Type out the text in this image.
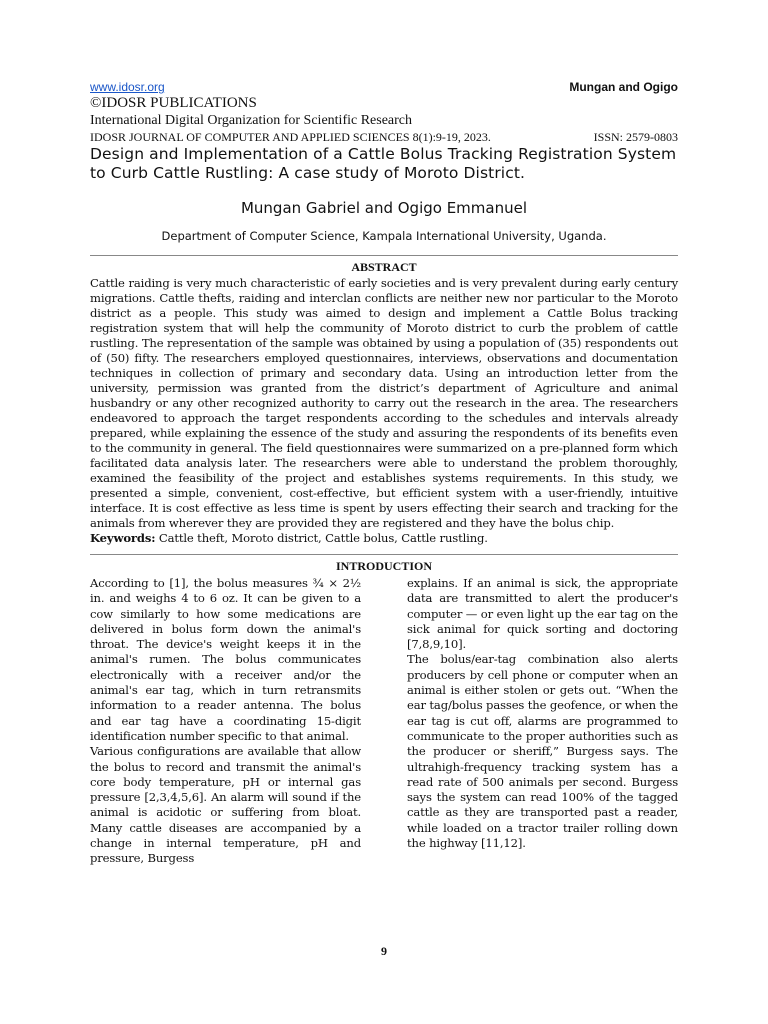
www.idosr.org	Mungan and Ogigo
©IDOSR PUBLICATIONS
International Digital Organization for Scientific Research
IDOSR JOURNAL OF COMPUTER AND APPLIED SCIENCES 8(1):9-19, 2023.	ISSN: 2579-0803
Design and Implementation of a Cattle Bolus Tracking Registration System to Curb Cattle Rustling: A case study of Moroto District.
Mungan Gabriel and Ogigo Emmanuel
Department of Computer Science, Kampala International University, Uganda.
ABSTRACT
Cattle raiding is very much characteristic of early societies and is very prevalent during early century migrations. Cattle thefts, raiding and interclan conflicts are neither new nor particular to the Moroto district as a people. This study was aimed to design and implement a Cattle Bolus tracking registration system that will help the community of Moroto district to curb the problem of cattle rustling. The representation of the sample was obtained by using a population of (35) respondents out of (50) fifty. The researchers employed questionnaires, interviews, observations and documentation techniques in collection of primary and secondary data. Using an introduction letter from the university, permission was granted from the district’s department of Agriculture and animal husbandry or any other recognized authority to carry out the research in the area. The researchers endeavored to approach the target respondents according to the schedules and intervals already prepared, while explaining the essence of the study and assuring the respondents of its benefits even to the community in general. The field questionnaires were summarized on a pre-planned form which facilitated data analysis later. The researchers were able to understand the problem thoroughly, examined the feasibility of the project and establishes systems requirements. In this study, we presented a simple, convenient, cost-effective, but efficient system with a user-friendly, intuitive interface. It is cost effective as less time is spent by users effecting their search and tracking for the animals from wherever they are provided they are registered and they have the bolus chip.
Keywords: Cattle theft, Moroto district, Cattle bolus, Cattle rustling.
INTRODUCTION

According to [1], the bolus measures ¾ × 2½ in. and weighs 4 to 6 oz. It can be given to a cow similarly to how some medications are delivered in bolus form down the animal's throat. The device's weight keeps it in the animal's rumen. The bolus communicates electronically with a receiver and/or the animal's ear tag, which in turn retransmits information to a reader antenna. The bolus and ear tag have a coordinating 15-digit identification number specific to that animal.

Various configurations are available that allow the bolus to record and transmit the animal's core body temperature, pH or internal gas pressure [2,3,4,5,6]. An alarm will sound if the animal is acidotic or suffering from bloat. Many cattle diseases are accompanied by a change in internal temperature, pH and pressure, Burgess

explains. If an animal is sick, the appropriate data are transmitted to alert the producer's computer — or even light up the ear tag on the sick animal for quick sorting and doctoring [7,8,9,10].

The bolus/ear-tag combination also alerts producers by cell phone or computer when an animal is either stolen or gets out. “When the ear tag/bolus passes the geofence, or when the ear tag is cut off, alarms are programmed to communicate to the proper authorities such as the producer or sheriff,” Burgess says. The ultrahigh-frequency tracking system has a read rate of 500 animals per second. Burgess says the system can read 100% of the tagged cattle as they are transported past a reader, while loaded on a tractor trailer rolling down the highway [11,12].

9
